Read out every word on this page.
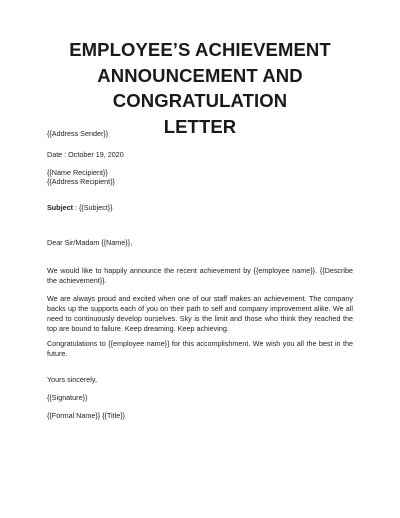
EMPLOYEE’S ACHIEVEMENT
ANNOUNCEMENT AND CONGRATULATION
LETTER
{{Address Sender}}
Date : October 19, 2020
{{Name Recipient}}
{{Address Recipient}}
Subject : {{Subject}}
Dear Sir/Madam {{Name}},
We would like to happily announce the recent achievement by {{employee name}}. {{Describe the achievement}}.
We are always proud and excited when one of our staff makes an achievement. The company backs up the supports each of you on their path to self and company improvement alike. We all need to continuously develop ourselves. Sky is the limit and those who think they reached the top are bound to failure. Keep dreaming. Keep achieving.
Congratulations to {{employee name}} for this accomplishment. We wish you all the best in the future.
Yours sincerely,
{{Signature}}
{{Formal Name}} {{Title}}
